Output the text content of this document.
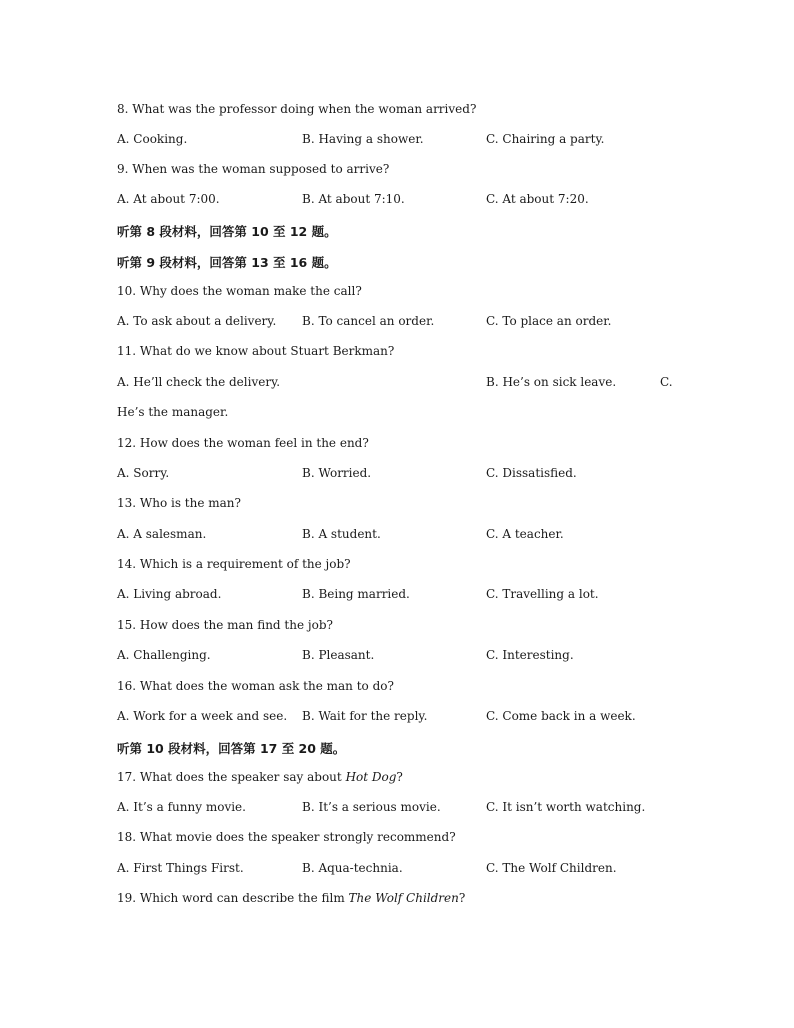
8. What was the professor doing when the woman arrived?
A. Cooking.	B. Having a shower.	C. Chairing a party.
9. When was the woman supposed to arrive?
A. At about 7:00.	B. At about 7:10.	C. At about 7:20.
听第 8 段材料，回答第 10 至 12 题。
听第 9 段材料，回答第 13 至 16 题。
10. Why does the woman make the call?
A. To ask about a delivery. B. To cancel an order.	C. To place an order.
11. What do we know about Stuart Berkman?
A. He’ll check the delivery.	B. He’s on sick leave.	C.
He’s the manager.
12. How does the woman feel in the end?
A. Sorry.	B. Worried.	C. Dissatisfied.
13. Who is the man?
A. A salesman.	B. A student.	C. A teacher.
14. Which is a requirement of the job?
A. Living abroad.	B. Being married.	C. Travelling a lot.
15. How does the man find the job?
A. Challenging.	B. Pleasant.	C. Interesting.
16. What does the woman ask the man to do?
A. Work for a week and see. B. Wait for the reply.	C. Come back in a week.
听第 10 段材料，回答第 17 至 20 题。
17. What does the speaker say about Hot Dog?
A. It’s a funny movie.	B. It’s a serious movie.	C. It isn’t worth watching.
18. What movie does the speaker strongly recommend?
A. First Things First.	B. Aqua-technia.	C. The Wolf Children.
19. Which word can describe the film The Wolf Children?
